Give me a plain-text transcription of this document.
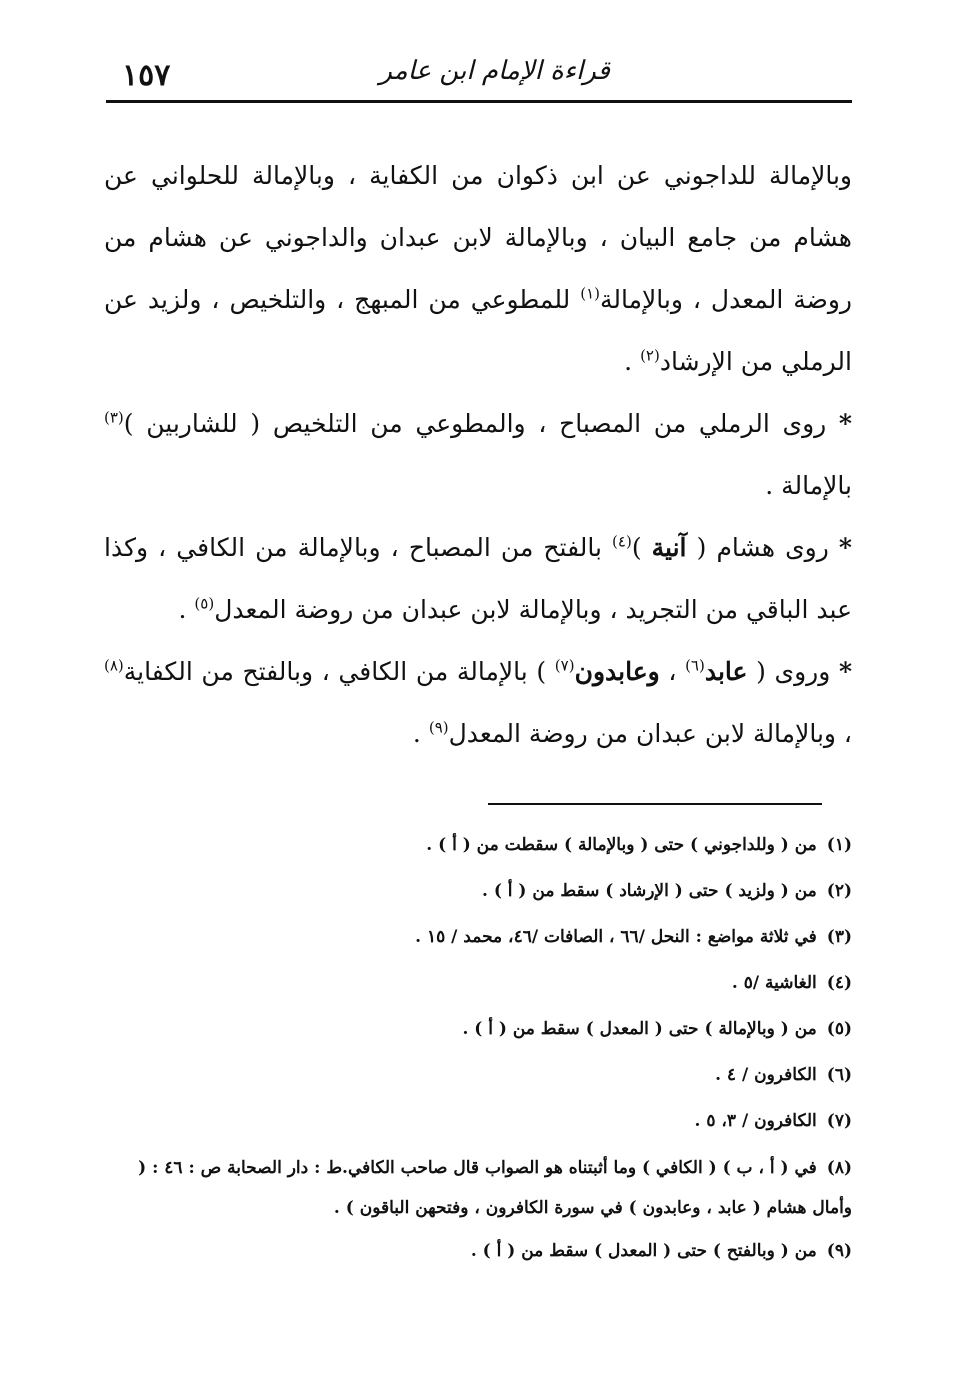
١٥٧	قراءة الإمام ابن عامر

وبالإمالة للداجوني عن ابن ذكوان من الكفاية ، وبالإمالة للحلواني عن هشام من جامع البيان ، وبالإمالة لابن عبدان والداجوني عن هشام من روضة المعدل ، وبالإمالة$^{(١)}$ للمطوعي من المبهج ، والتلخيص ، ولزيد عن الرملي من الإرشاد$^{(٢)}$ .

* روى الرملي من المصباح ، والمطوعي من التلخيص ( للشاربين )$^{(٣)}$ بالإمالة .

* روى هشام ( آنية )$^{(٤)}$ بالفتح من المصباح ، وبالإمالة من الكافي ، وكذا عبد الباقي من التجريد ، وبالإمالة لابن عبدان من روضة المعدل$^{(٥)}$ .

* وروى ( عابد$^{(٦)}$ ، وعابدون$^{(٧)}$ ) بالإمالة من الكافي ، وبالفتح من الكفاية$^{(٨)}$ ، وبالإمالة لابن عبدان من روضة المعدل$^{(٩)}$ .

(١)من ( وللداجوني ) حتى ( وبالإمالة ) سقطت من ( أ ) .

(٢)من ( ولزيد ) حتى ( الإرشاد ) سقط من ( أ ) .

(٣)في ثلاثة مواضع : النحل /٦٦ ، الصافات /٤٦، محمد / ١٥ .

(٤)الغاشية /٥ .

(٥)من ( وبالإمالة ) حتى ( المعدل ) سقط من ( أ ) .

(٦)الكافرون / ٤ .

(٧)الكافرون / ٣، ٥ .

(٨)في ( أ ، ب ) ( الكافي ) وما أثبتناه هو الصواب قال صاحب الكافي.ط : دار الصحابة ص : ٤٦ : ( وأمال هشام ( عابد ، وعابدون ) في سورة الكافرون ، وفتحهن الباقون ) .

(٩)من ( وبالفتح ) حتى ( المعدل ) سقط من ( أ ) .
